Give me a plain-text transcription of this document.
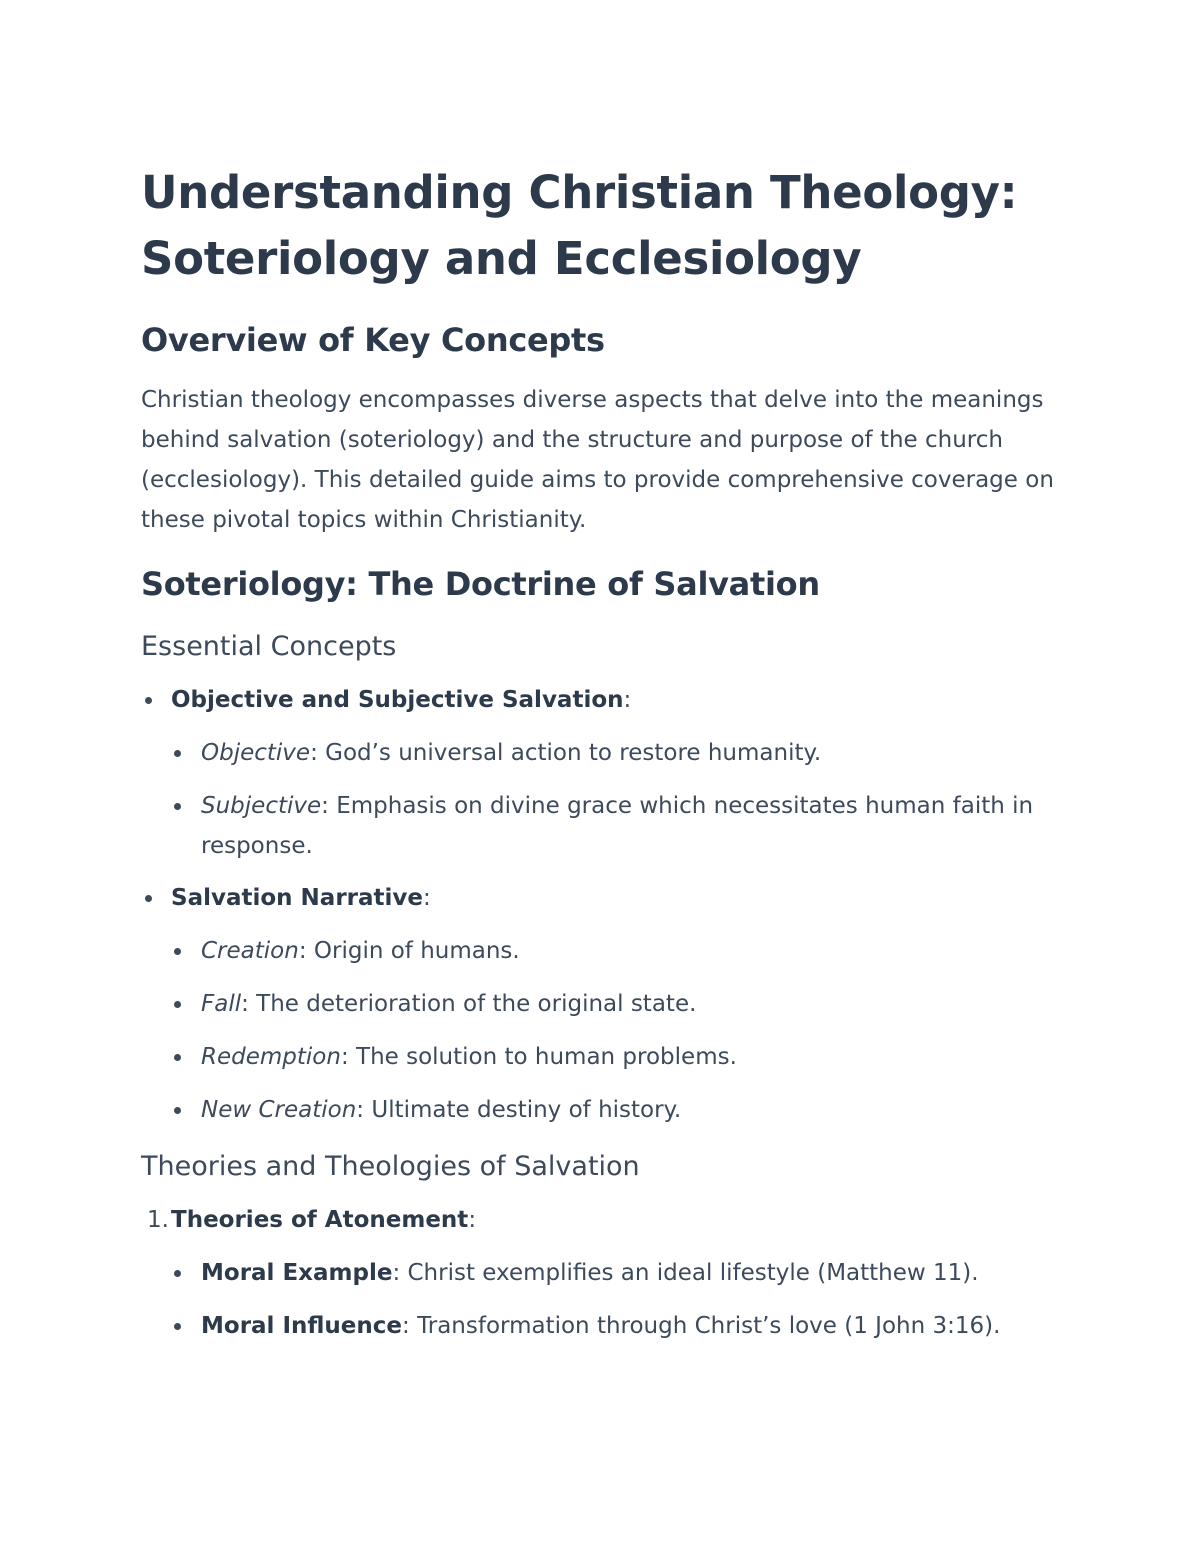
Understanding Christian Theology: Soteriology and Ecclesiology
Overview of Key Concepts

Christian theology encompasses diverse aspects that delve into the meanings behind salvation (soteriology) and the structure and purpose of the church (ecclesiology). This detailed guide aims to provide comprehensive coverage on these pivotal topics within Christianity.

Soteriology: The Doctrine of Salvation
Essential Concepts
Objective and Subjective Salvation:
Objective: God’s universal action to restore humanity.
Subjective: Emphasis on divine grace which necessitates human faith in response.
Salvation Narrative:
Creation: Origin of humans.
Fall: The deterioration of the original state.
Redemption: The solution to human problems.
New Creation: Ultimate destiny of history.
Theories and Theologies of Salvation
1. Theories of Atonement:
Moral Example: Christ exemplifies an ideal lifestyle (Matthew 11).
Moral Influence: Transformation through Christ’s love (1 John 3:16).
